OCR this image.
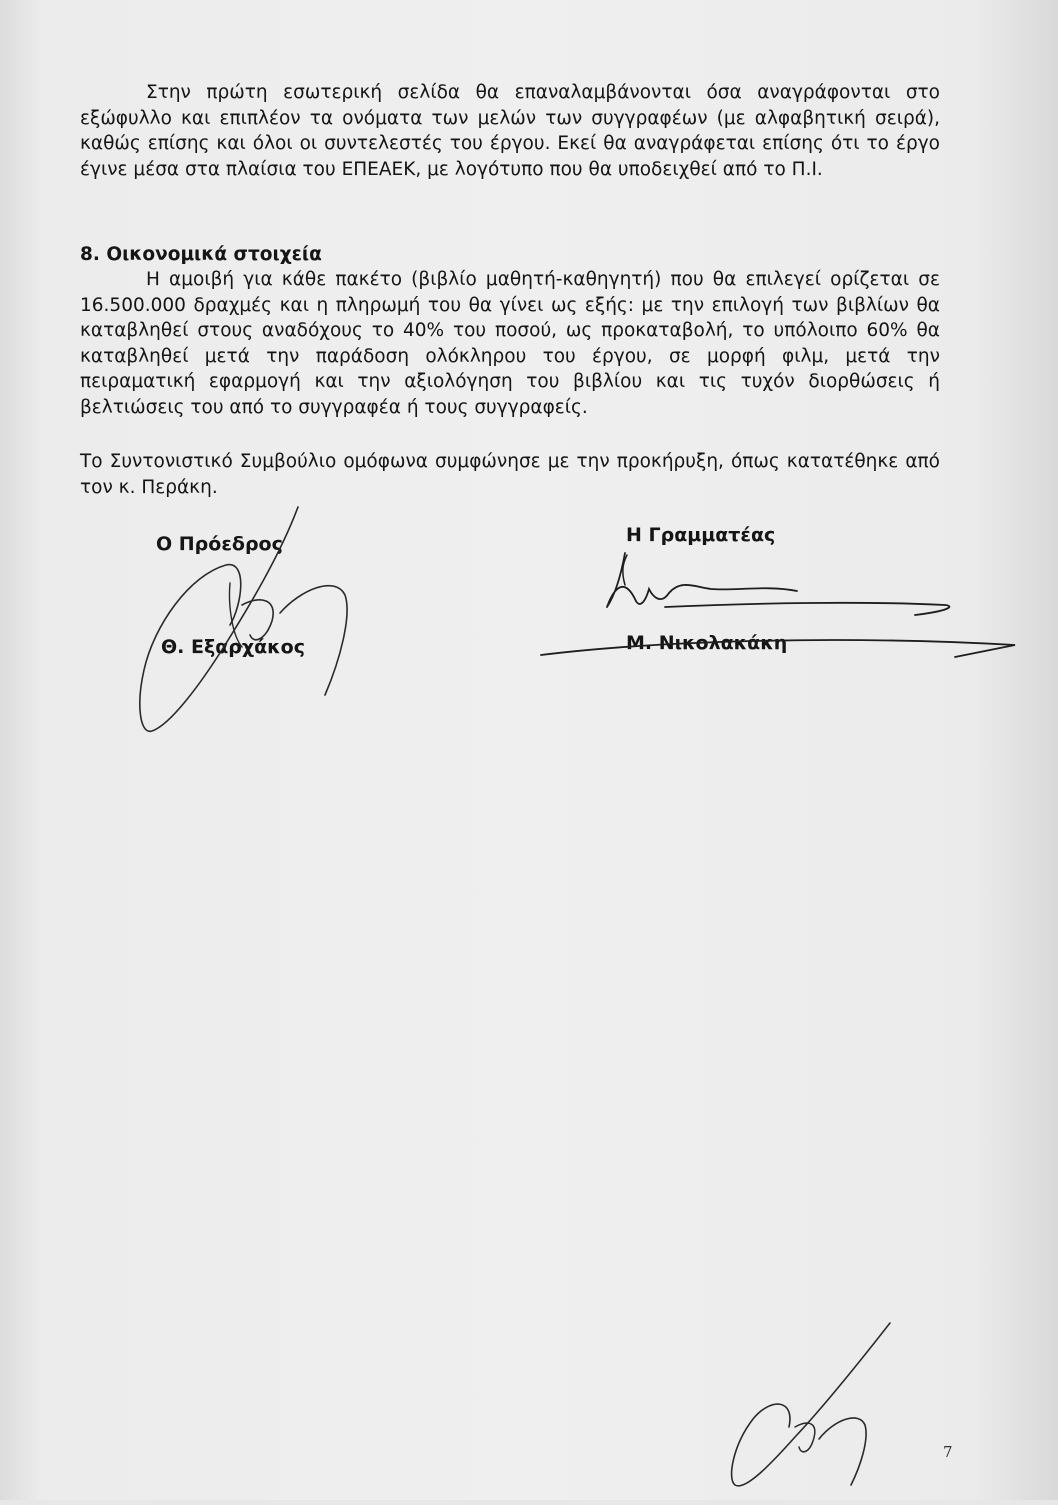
Στην πρώτη εσωτερική σελίδα θα επαναλαμβάνονται όσα αναγράφονται στο εξώφυλλο και επιπλέον τα ονόματα των μελών των συγγραφέων (με αλφαβητική σειρά), καθώς επίσης και όλοι οι συντελεστές του έργου. Εκεί θα αναγράφεται επίσης ότι το έργο έγινε μέσα στα πλαίσια του ΕΠΕΑΕΚ, με λογότυπο που θα υποδειχθεί από το Π.Ι.

8. Οικονομικά στοιχεία

Η αμοιβή για κάθε πακέτο (βιβλίο μαθητή-καθηγητή) που θα επιλεγεί ορίζεται σε 16.500.000 δραχμές και η πληρωμή του θα γίνει ως εξής: με την επιλογή των βιβλίων θα καταβληθεί στους αναδόχους το 40% του ποσού, ως προκαταβολή, το υπόλοιπο 60% θα καταβληθεί μετά την παράδοση ολόκληρου του έργου, σε μορφή φιλμ, μετά την πειραματική εφαρμογή και την αξιολόγηση του βιβλίου και τις τυχόν διορθώσεις ή βελτιώσεις του από το συγγραφέα ή τους συγγραφείς.

Το Συντονιστικό Συμβούλιο ομόφωνα συμφώνησε με την προκήρυξη, όπως κατατέθηκε από τον κ. Περάκη.

Ο Πρόεδρος
Θ. Εξαρχάκος
Η Γραμματέας
Μ. Νικολακάκη
7
